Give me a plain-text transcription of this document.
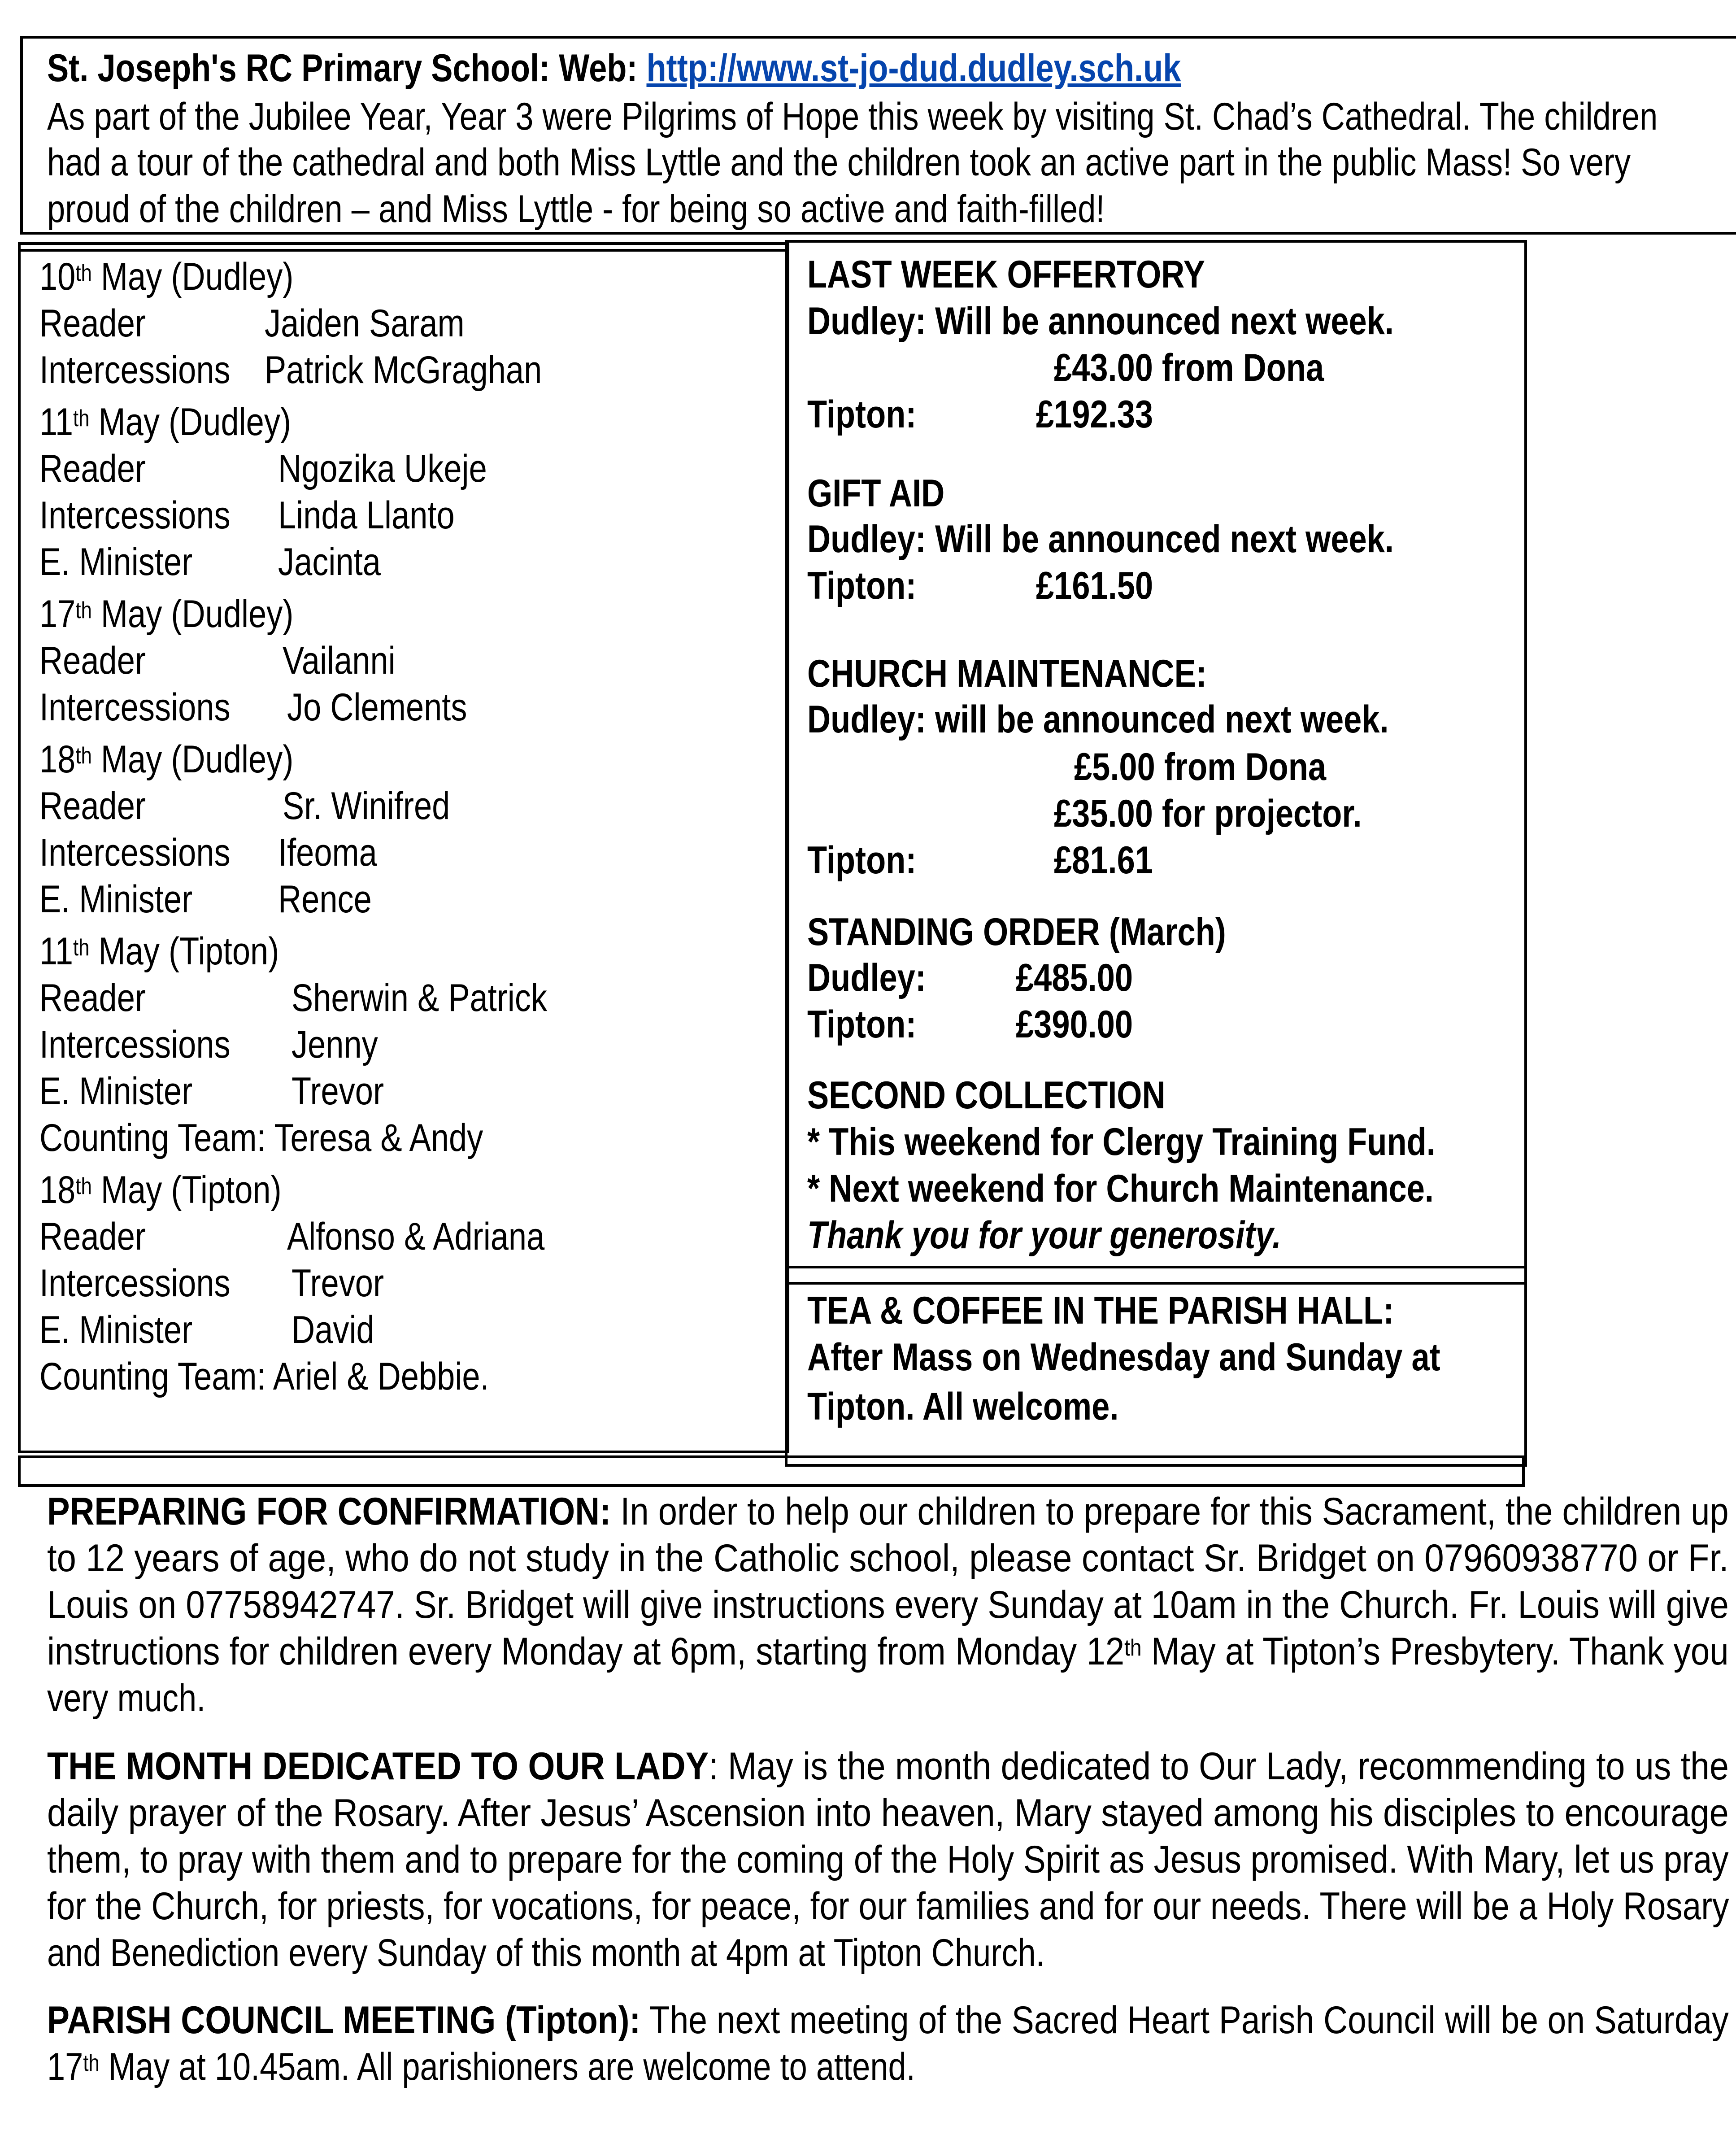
St. Joseph's RC Primary School: Web: http://www.st-jo-dud.dudley.sch.uk
As part of the Jubilee Year, Year 3 were Pilgrims of Hope this week by visiting St. Chad’s Cathedral. The children
had a tour of the cathedral and both Miss Lyttle and the children took an active part in the public Mass! So very
proud of the children – and Miss Lyttle - for being so active and faith-filled!
10th May (Dudley)
Reader	Jaiden Saram
Intercessions Patrick McGraghan
11th May (Dudley)
Reader	Ngozika Ukeje
Intercessions Linda Llanto
E. Minister Jacinta
17th May (Dudley)
Reader	Vailanni
Intercessions Jo Clements
18th May (Dudley)
Reader	Sr. Winifred
Intercessions Ifeoma
E. Minister Rence
11th May (Tipton)
Reader	Sherwin & Patrick
Intercessions Jenny
E. Minister	Trevor
Counting Team: Teresa & Andy
18th May (Tipton)
Reader	Alfonso & Adriana
Intercessions Trevor
E. Minister	David
Counting Team: Ariel & Debbie.
LAST WEEK OFFERTORY
Dudley: Will be announced next week.
£43.00 from Dona
Tipton:	£192.33
GIFT AID
Dudley: Will be announced next week.
Tipton:	£161.50
CHURCH MAINTENANCE:
Dudley: will be announced next week.
£5.00 from Dona
£35.00 for projector.
Tipton:	£81.61
STANDING ORDER (March)
Dudley:	£485.00
Tipton:	£390.00
SECOND COLLECTION
* This weekend for Clergy Training Fund.
* Next weekend for Church Maintenance.
Thank you for your generosity.
TEA & COFFEE IN THE PARISH HALL:
After Mass on Wednesday and Sunday at
Tipton. All welcome.
PREPARING FOR CONFIRMATION: In order to help our children to prepare for this Sacrament, the children up
to 12 years of age, who do not study in the Catholic school, please contact Sr. Bridget on 07960938770 or Fr.
Louis on 07758942747. Sr. Bridget will give instructions every Sunday at 10am in the Church. Fr. Louis will give
instructions for children every Monday at 6pm, starting from Monday 12th May at Tipton’s Presbytery. Thank you
very much.
THE MONTH DEDICATED TO OUR LADY: May is the month dedicated to Our Lady, recommending to us the
daily prayer of the Rosary. After Jesus’ Ascension into heaven, Mary stayed among his disciples to encourage
them, to pray with them and to prepare for the coming of the Holy Spirit as Jesus promised. With Mary, let us pray
for the Church, for priests, for vocations, for peace, for our families and for our needs. There will be a Holy Rosary
and Benediction every Sunday of this month at 4pm at Tipton Church.
PARISH COUNCIL MEETING (Tipton): The next meeting of the Sacred Heart Parish Council will be on Saturday
17th May at 10.45am. All parishioners are welcome to attend.
